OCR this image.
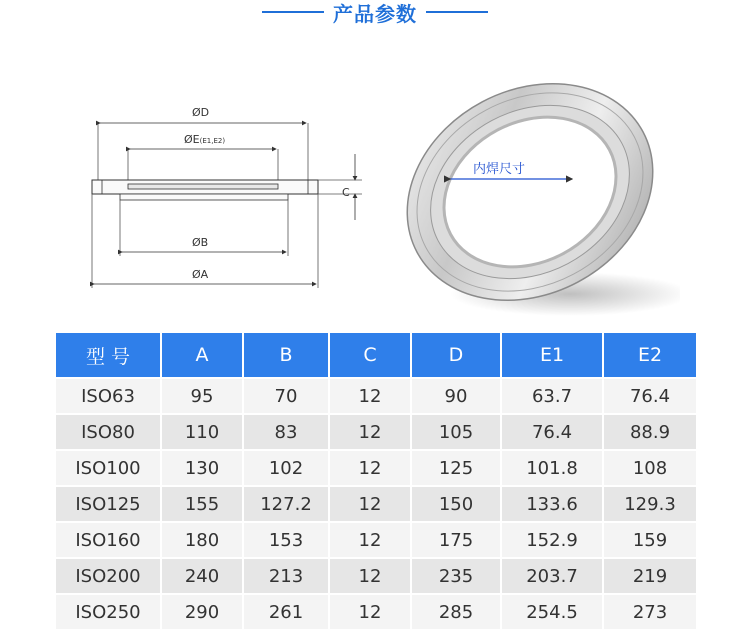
产品参数
ØD
ØE(E1,E2)
C
ØB
ØA
内焊尺寸
型 号	A	B	C	D	E1	E2
ISO63	95	70	12	90	63.7	76.4
ISO80	110	83	12	105	76.4	88.9
ISO100	130	102	12	125	101.8	108
ISO125	155	127.2	12	150	133.6	129.3
ISO160	180	153	12	175	152.9	159
ISO200	240	213	12	235	203.7	219
ISO250	290	261	12	285	254.5	273
